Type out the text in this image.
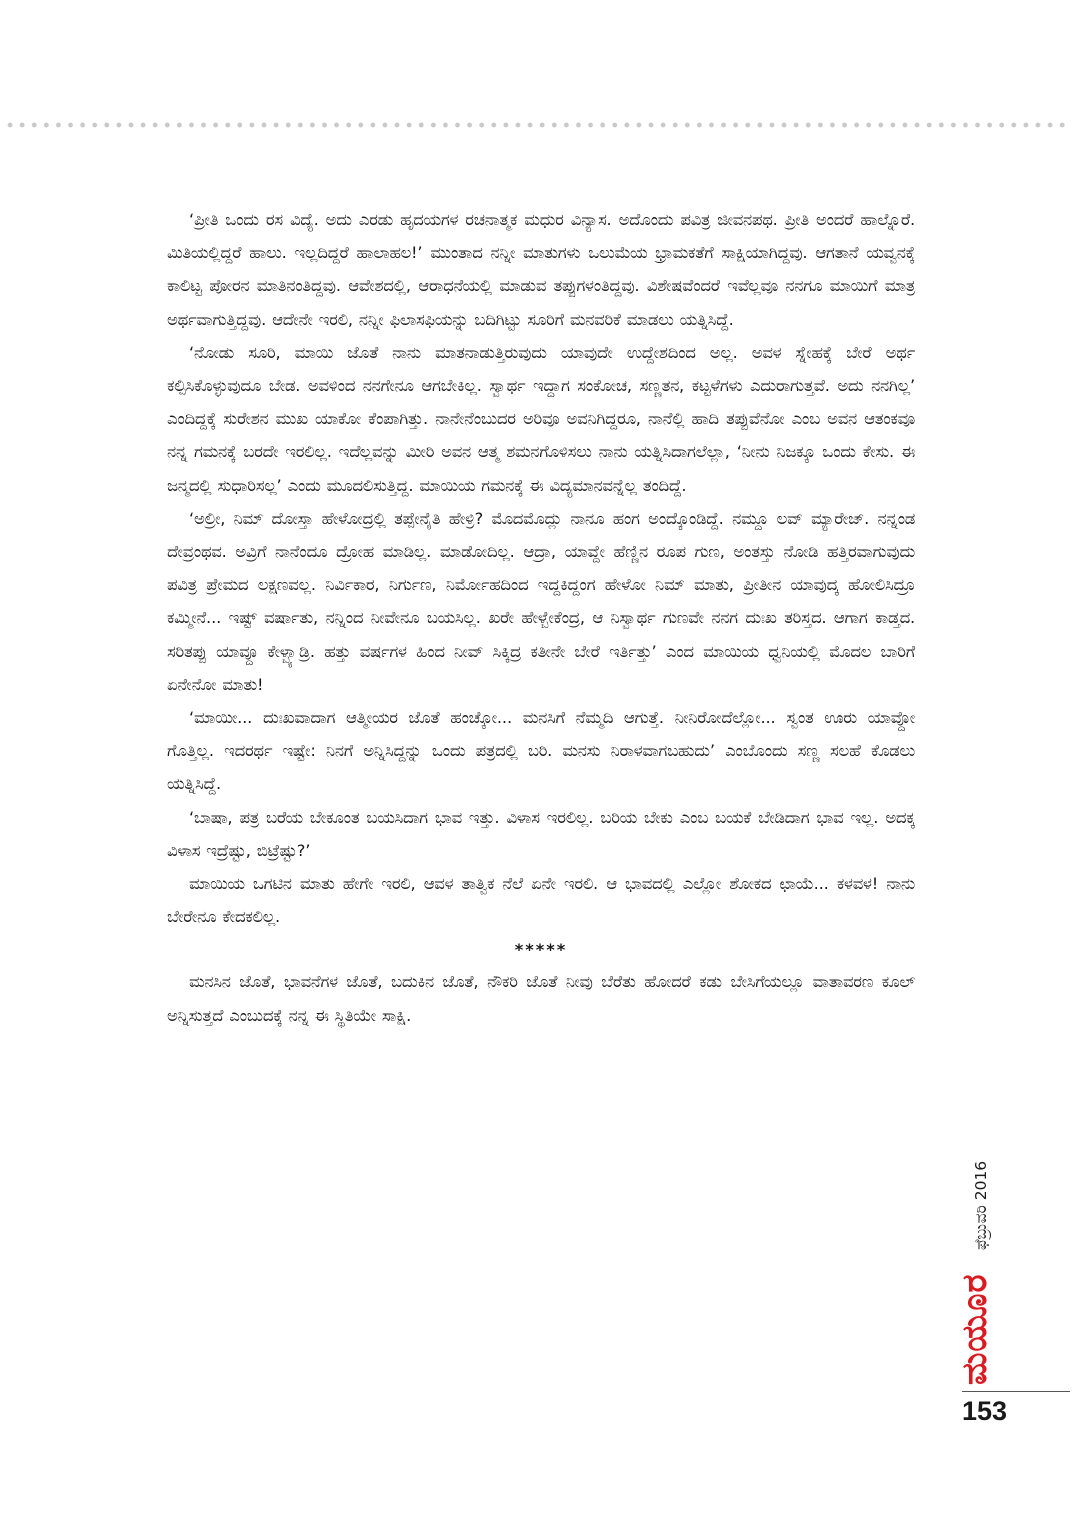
‘ಪ್ರೀತಿ ಒಂದು ರಸ ವಿದ್ಯೆ. ಅದು ಎರಡು ಹೃದಯಗಳ ರಚನಾತ್ಮಕ ಮಧುರ ವಿನ್ಯಾಸ. ಅದೊಂದು ಪವಿತ್ರ ಜೀವನಪಥ. ಪ್ರೀತಿ ಅಂದರೆ ಹಾಲ್ನೊರೆ. ಮಿತಿಯಲ್ಲಿದ್ದರೆ ಹಾಲು. ಇಲ್ಲದಿದ್ದರೆ ಹಾಲಾಹಲ!’ ಮುಂತಾದ ನನ್ನೀ ಮಾತುಗಳು ಒಲುಮೆಯ ಭ್ರಾಮಕತೆಗೆ ಸಾಕ್ಷಿಯಾಗಿದ್ದವು. ಆಗತಾನೆ ಯವ್ವನಕ್ಕೆ ಕಾಲಿಟ್ಟ ಪೋರನ ಮಾತಿನಂತಿದ್ದವು. ಆವೇಶದಲ್ಲಿ, ಆರಾಧನೆಯಲ್ಲಿ ಮಾಡುವ ತಪ್ಪುಗಳಂತಿದ್ದವು. ವಿಶೇಷವೆಂದರೆ ಇವೆಲ್ಲವೂ ನನಗೂ ಮಾಯಿಗೆ ಮಾತ್ರ ಅರ್ಥವಾಗುತ್ತಿದ್ದವು. ಆದೇನೇ ಇರಲಿ, ನನ್ನೀ ಫಿಲಾಸಫಿಯನ್ನು ಬದಿಗಿಟ್ಟು ಸೂರಿಗೆ ಮನವರಿಕೆ ಮಾಡಲು ಯತ್ನಿಸಿದ್ದೆ.

‘ನೋಡು ಸೂರಿ, ಮಾಯಿ ಜೊತೆ ನಾನು ಮಾತನಾಡುತ್ತಿರುವುದು ಯಾವುದೇ ಉದ್ದೇಶದಿಂದ ಅಲ್ಲ. ಅವಳ ಸ್ನೇಹಕ್ಕೆ ಬೇರೆ ಅರ್ಥ ಕಲ್ಪಿಸಿಕೊಳ್ಳುವುದೂ ಬೇಡ. ಅವಳಿಂದ ನನಗೇನೂ ಆಗಬೇಕಿಲ್ಲ. ಸ್ವಾರ್ಥ ಇದ್ದಾಗ ಸಂಕೋಚ, ಸಣ್ಣತನ, ಕಟ್ಟಳೆಗಳು ಎದುರಾಗುತ್ತವೆ. ಅದು ನನಗಿಲ್ಲ’ ಎಂದಿದ್ದಕ್ಕೆ ಸುರೇಶನ ಮುಖ ಯಾಕೋ ಕೆಂಪಾಗಿತ್ತು. ನಾನೇನೆಂಬುದರ ಅರಿವೂ ಅವನಿಗಿದ್ದರೂ, ನಾನೆಲ್ಲಿ ಹಾದಿ ತಪ್ಪುವೆನೋ ಎಂಬ ಅವನ ಆತಂಕವೂ ನನ್ನ ಗಮನಕ್ಕೆ ಬರದೇ ಇರಲಿಲ್ಲ. ಇದೆಲ್ಲವನ್ನು ಮೀರಿ ಅವನ ಆತ್ಮ ಶಮನಗೊಳಿಸಲು ನಾನು ಯತ್ನಿಸಿದಾಗಲೆಲ್ಲಾ, ‘ನೀನು ನಿಜಕ್ಕೂ ಒಂದು ಕೇಸು. ಈ ಜನ್ಮದಲ್ಲಿ ಸುಧಾರಿಸಲ್ಲ’ ಎಂದು ಮೂದಲಿಸುತ್ತಿದ್ದ. ಮಾಯಿಯ ಗಮನಕ್ಕೆ ಈ ವಿದ್ಯಮಾನವನ್ನೆಲ್ಲ ತಂದಿದ್ದೆ.

‘ಅಲ್ರೀ, ನಿಮ್ ದೋಸ್ತಾ ಹೇಳೋದ್ರಲ್ಲಿ ತಪ್ಪೇನೈತಿ ಹೇಳ್ರಿ? ಮೊದಮೊದ್ಲು ನಾನೂ ಹಂಗ ಅಂದ್ಕೊಂಡಿದ್ದೆ. ನಮ್ದೂ ಲವ್ ಮ್ಯಾರೇಜ್. ನನ್ನಂಡ ದೇವ್ರಂಥವ. ಅವ್ರಿಗೆ ನಾನೆಂದೂ ದ್ರೋಹ ಮಾಡಿಲ್ಲ. ಮಾಡೋದಿಲ್ಲ. ಆದ್ರಾ, ಯಾವ್ದೇ ಹೆಣ್ಣಿನ ರೂಪ ಗುಣ, ಅಂತಸ್ತು ನೋಡಿ ಹತ್ತಿರವಾಗುವುದು ಪವಿತ್ರ ಪ್ರೇಮದ ಲಕ್ಷಣವಲ್ಲ. ನಿರ್ವಿಕಾರ, ನಿರ್ಗುಣ, ನಿರ್ಮೋಹದಿಂದ ಇದ್ದಕಿದ್ದಂಗ ಹೇಳೋ ನಿಮ್ ಮಾತು, ಪ್ರೀತೀನ ಯಾವುದ್ಕ ಹೋಲಿಸಿದ್ರೂ ಕಮ್ಮೀನೆ... ಇಷ್ಟ್ ವರ್ಷಾತು, ನನ್ನಿಂದ ನೀವೇನೂ ಬಯಸಿಲ್ಲ. ಖರೇ ಹೇಳ್ಬೇಕೆಂದ್ರ, ಆ ನಿಸ್ವಾರ್ಥ ಗುಣವೇ ನನಗ ದುಃಖ ತರಿಸ್ತದ. ಆಗಾಗ ಕಾಡ್ತದ. ಸರಿತಪ್ಪು ಯಾವ್ದೂ ಕೇಳ್ಬ್ಯಾಡ್ರಿ. ಹತ್ತು ವರ್ಷಗಳ ಹಿಂದ ನೀವ್ ಸಿಕ್ಕಿದ್ರ ಕತೀನೇ ಬೇರೆ ಇರ್ತಿತ್ತು’ ಎಂದ ಮಾಯಿಯ ಧ್ವನಿಯಲ್ಲಿ ಮೊದಲ ಬಾರಿಗೆ ಏನೇನೋ ಮಾತು!

‘ಮಾಯೀ... ದುಃಖವಾದಾಗ ಆತ್ಮೀಯರ ಜೊತೆ ಹಂಚ್ಕೋ... ಮನಸಿಗೆ ನೆಮ್ಮದಿ ಆಗುತ್ತೆ. ನೀನಿರೋದೆಲ್ಲೋ... ಸ್ವಂತ ಊರು ಯಾವ್ದೋ ಗೊತ್ತಿಲ್ಲ. ಇದರರ್ಥ ಇಷ್ಟೇ: ನಿನಗೆ ಅನ್ನಿಸಿದ್ದನ್ನು ಒಂದು ಪತ್ರದಲ್ಲಿ ಬರಿ. ಮನಸು ನಿರಾಳವಾಗಬಹುದು’ ಎಂಬೊಂದು ಸಣ್ಣ ಸಲಹೆ ಕೊಡಲು ಯತ್ನಿಸಿದ್ದೆ.

‘ಬಾಷಾ, ಪತ್ರ ಬರೆಯ ಬೇಕೂಂತ ಬಯಸಿದಾಗ ಭಾವ ಇತ್ತು. ವಿಳಾಸ ಇರಲಿಲ್ಲ. ಬರಿಯ ಬೇಕು ಎಂಬ ಬಯಕೆ ಬೇಡಿದಾಗ ಭಾವ ಇಲ್ಲ. ಅದಕ್ಕ ವಿಳಾಸ ಇದ್ರೆಷ್ಟು, ಬಿಟ್ರೆಷ್ಟು?’

ಮಾಯಿಯ ಒಗಟಿನ ಮಾತು ಹೇಗೇ ಇರಲಿ, ಆವಳ ತಾತ್ವಿಕ ನೆಲೆ ಏನೇ ಇರಲಿ. ಆ ಭಾವದಲ್ಲಿ ಎಲ್ಲೋ ಶೋಕದ ಛಾಯೆ... ಕಳವಳ! ನಾನು ಬೇರೇನೂ ಕೇದಕಲಿಲ್ಲ.

*****

ಮನಸಿನ ಜೊತೆ, ಭಾವನೆಗಳ ಜೊತೆ, ಬದುಕಿನ ಜೊತೆ, ನೌಕರಿ ಜೊತೆ ನೀವು ಬೆರೆತು ಹೋದರೆ ಕಡು ಬೇಸಿಗೆಯಲ್ಲೂ ವಾತಾವರಣ ಕೂಲ್ ಅನ್ನಿಸುತ್ತದೆ ಎಂಬುದಕ್ಕೆ ನನ್ನ ಈ ಸ್ಥಿತಿಯೇ ಸಾಕ್ಷಿ.

ಫೆಬ್ರುವರಿ 2016
ಮಯೂರ
153
